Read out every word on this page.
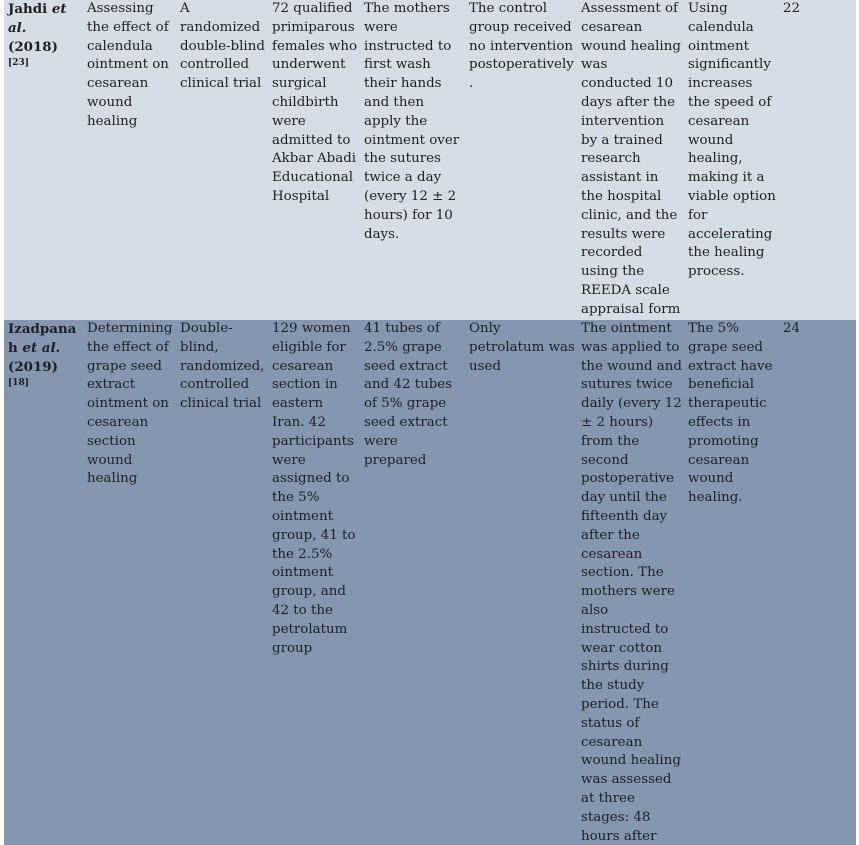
Jahdi et al. (2018) [23]
Assessing the effect of calendula ointment on cesarean wound healing
A randomized double-blind controlled clinical trial
72 qualified primiparous females who underwent surgical childbirth were admitted to Akbar Abadi Educational Hospital
The mothers were instructed to first wash their hands and then apply the ointment over the sutures twice a day (every 12 ± 2 hours) for 10 days.
The control group received no intervention postoperatively.
Assessment of cesarean wound healing was conducted 10 days after the intervention by a trained research assistant in the hospital clinic, and the results were recorded using the REEDA scale appraisal form
Using calendula ointment significantly increases the speed of cesarean wound healing, making it a viable option for accelerating the healing process.
22
Izadpanah et al. (2019) [18]
Determining the effect of grape seed extract ointment on cesarean section wound healing
Double-blind, randomized, controlled clinical trial
129 women eligible for cesarean section in eastern Iran. 42 participants were assigned to the 5% ointment group, 41 to the 2.5% ointment group, and 42 to the petrolatum group
41 tubes of 2.5% grape seed extract and 42 tubes of 5% grape seed extract were prepared
Only petrolatum was used
The ointment was applied to the wound and sutures twice daily (every 12 ± 2 hours) from the second postoperative day until the fifteenth day after the cesarean section. The mothers were also instructed to wear cotton shirts during the study period. The status of cesarean wound healing was assessed at three stages: 48 hours after
The 5% grape seed extract have beneficial therapeutic effects in promoting cesarean wound healing.
24
